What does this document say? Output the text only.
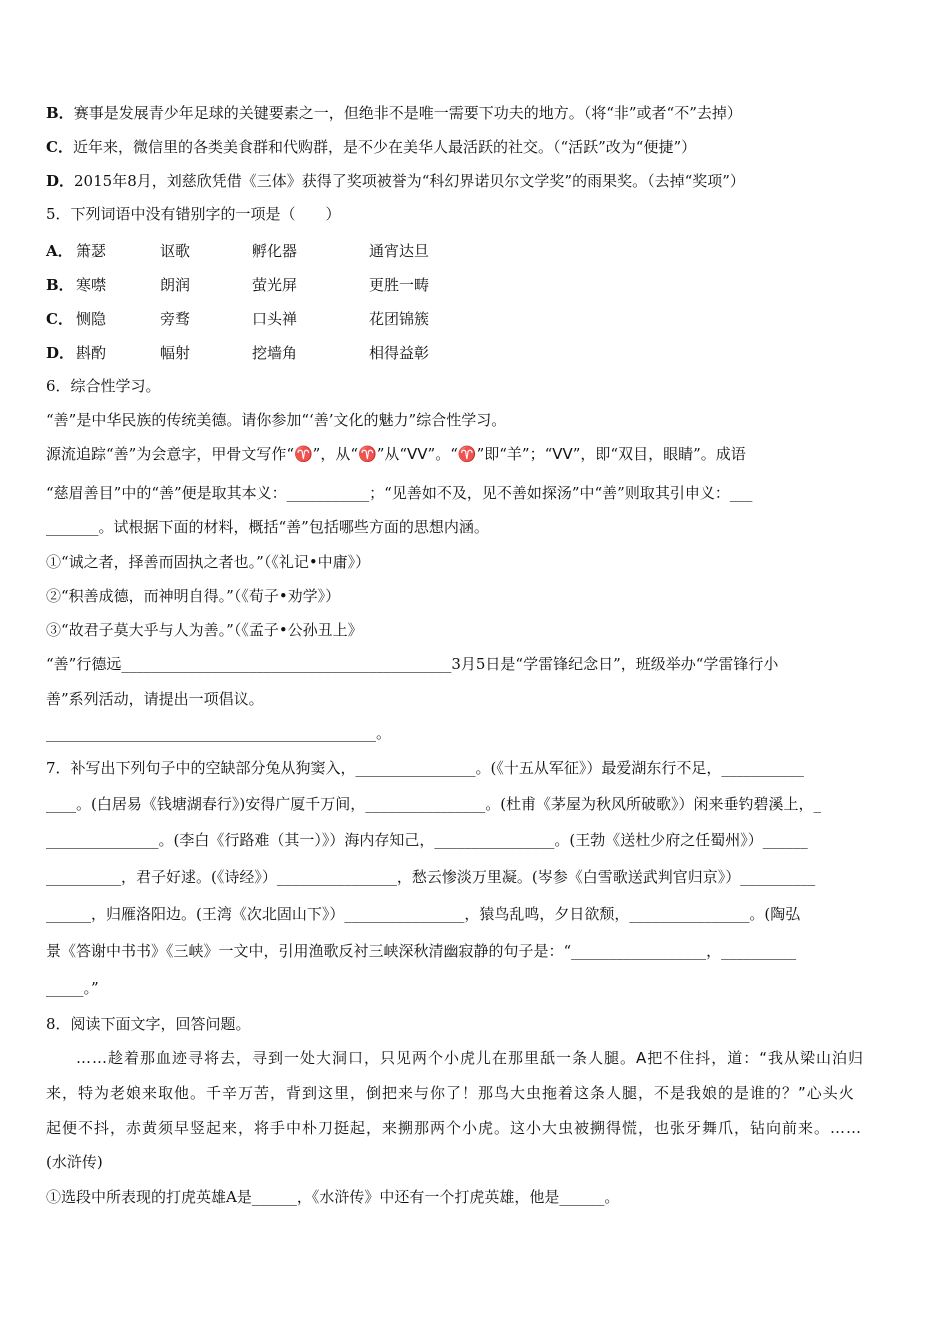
B．赛事是发展青少年足球的关键要素之一，但绝非不是唯一需要下功夫的地方。（将“非”或者“不”去掉）
C．近年来，微信里的各类美食群和代购群，是不少在美华人最活跃的社交。（“活跃”改为“便捷”）
D．2015年8月，刘慈欣凭借《三体》获得了奖项被誉为“科幻界诺贝尔文学奖”的雨果奖。（去掉“奖项”）
5．下列词语中没有错别字的一项是（　　）
A． 箫瑟	讴歌	孵化器	通宵达旦
B． 寒噤	朗润	萤光屏	更胜一畴
C． 恻隐	旁骛	口头禅	花团锦簇
D． 斟酌	幅射	挖墙角	相得益彰
6．综合性学习。
“善”是中华民族的传统美德。请你参加“‘善’文化的魅力”综合性学习。
源流追踪“善”为会意字，甲骨文写作“♈”，从“♈”从“ᐯᐯ”。“♈”即“羊”；“ᐯᐯ”，即“双目，眼睛”。成语
“慈眉善目”中的“善”便是取其本义：___________；“见善如不及，见不善如探汤”中“善”则取其引申义：___
_______。试根据下面的材料，概括“善”包括哪些方面的思想内涵。
①“诚之者，择善而固执之者也。”（《礼记•中庸》）
②“积善成德，而神明自得。”（《荀子•劝学》）
③“故君子莫大乎与人为善。”（《孟子•公孙丑上》
“善”行德远____________________________________________3月5日是“学雷锋纪念日”，班级举办“学雷锋行小
善”系列活动，请提出一项倡议。
____________________________________________。
7．补写出下列句子中的空缺部分兔从狗窦入，________________。(《十五从军征》）最爱湖东行不足，___________
____。(白居易《钱塘湖春行》)安得广厦千万间，________________。(杜甫《茅屋为秋风所破歌》）闲来垂钓碧溪上，_
_______________。(李白《行路难（其一）》）海内存知己，________________。(王勃《送杜少府之任蜀州》）______
__________，君子好逑。(《诗经》）________________，愁云惨淡万里凝。(岑参《白雪歌送武判官归京》）__________
______，归雁洛阳边。(王湾《次北固山下》）________________，猿鸟乱鸣，夕日欲颓，________________。(陶弘
景《答谢中书书》《三峡》一文中，引用渔歌反衬三峡深秋清幽寂静的句子是：“__________________，__________
_____。”
8．阅读下面文字，回答问题。
……趁着那血迹寻将去，寻到一处大洞口，只见两个小虎儿在那里舐一条人腿。A把不住抖，道：“我从梁山泊归
来，特为老娘来取他。千辛万苦，背到这里，倒把来与你了！那鸟大虫拖着这条人腿，不是我娘的是谁的？”心头火
起便不抖，赤黄须早竖起来，将手中朴刀挺起，来搠那两个小虎。这小大虫被搠得慌，也张牙舞爪，钻向前来。……
(水浒传)
①选段中所表现的打虎英雄A是______，《水浒传》中还有一个打虎英雄，他是______。
